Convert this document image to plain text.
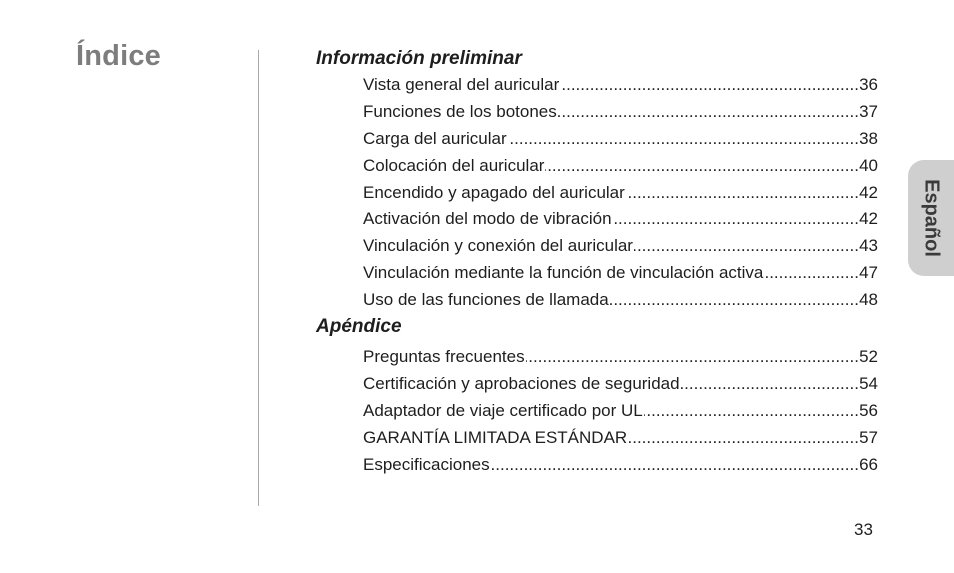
Índice	Información preliminar
..... Vista general del auricular	36
..... Funciones de los botones	37
..... Carga del auricular	38
..... Colocación del auricular	40
..... Encendido y apagado del auricular	42
..... Activación del modo de vibración	42
..... Vinculación y conexión del auricular	43
..... Vinculación mediante la función de vinculación activa	47
..... Uso de las funciones de llamada	48
Apéndice
..... Preguntas frecuentes	52
..... Certificación y aprobaciones de seguridad	54
..... Adaptador de viaje certificado por UL	56
..... GARANTÍA LIMITADA ESTÁNDAR	57
..... Especificaciones	66
Español
33
